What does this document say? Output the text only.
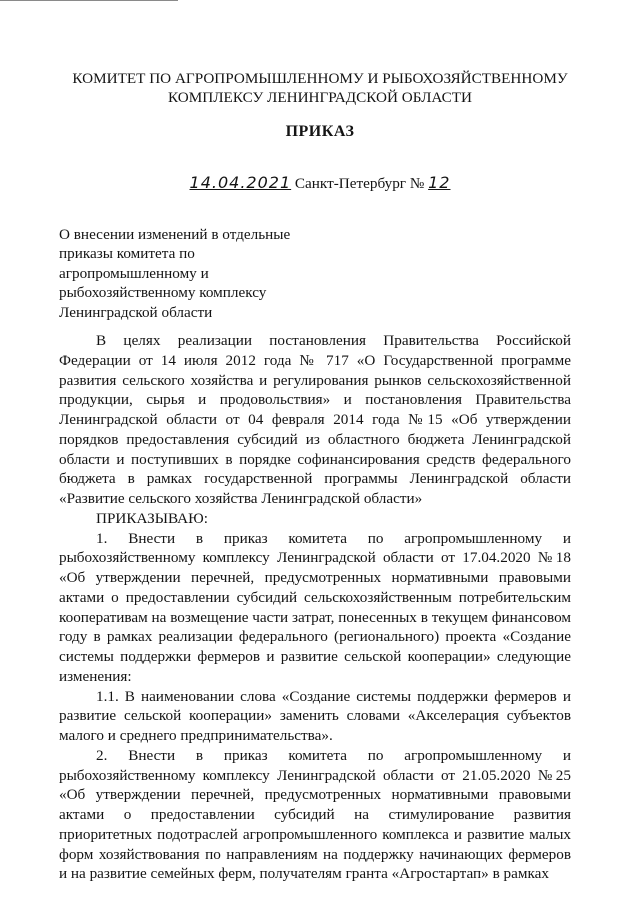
КОМИТЕТ ПО АГРОПРОМЫШЛЕННОМУ И РЫБОХОЗЯЙСТВЕННОМУ
КОМПЛЕКСУ ЛЕНИНГРАДСКОЙ ОБЛАСТИ
ПРИКАЗ
14.04.2021 Санкт-Петербург № 12
О внесении изменений в отдельные
приказы комитета по
агропромышленному и
рыбохозяйственному комплексу
Ленинградской области
В целях реализации постановления Правительства Российской Федерации от 14 июля 2012 года № 717 «О Государственной программе развития сельского хозяйства и регулирования рынков сельскохозяйственной продукции, сырья и продовольствия» и постановления Правительства Ленинградской области от 04 февраля 2014 года №15 «Об утверждении порядков предоставления субсидий из областного бюджета Ленинградской области и поступивших в порядке софинансирования средств федерального бюджета в рамках государственной программы Ленинградской области «Развитие сельского хозяйства Ленинградской области»
ПРИКАЗЫВАЮ:
1. Внести в приказ комитета по агропромышленному и рыбохозяйственному комплексу Ленинградской области от 17.04.2020 №18 «Об утверждении перечней, предусмотренных нормативными правовыми актами о предоставлении субсидий сельскохозяйственным потребительским кооперативам на возмещение части затрат, понесенных в текущем финансовом году в рамках реализации федерального (регионального) проекта «Создание системы поддержки фермеров и развитие сельской кооперации» следующие изменения:
1.1. В наименовании слова «Создание системы поддержки фермеров и развитие сельской кооперации» заменить словами «Акселерация субъектов малого и среднего предпринимательства».
2. Внести в приказ комитета по агропромышленному и рыбохозяйственному комплексу Ленинградской области от 21.05.2020 №25 «Об утверждении перечней, предусмотренных нормативными правовыми актами о предоставлении субсидий на стимулирование развития приоритетных подотраслей агропромышленного комплекса и развитие малых форм хозяйствования по направлениям на поддержку начинающих фермеров и на развитие семейных ферм, получателям гранта «Агростартап» в рамках
